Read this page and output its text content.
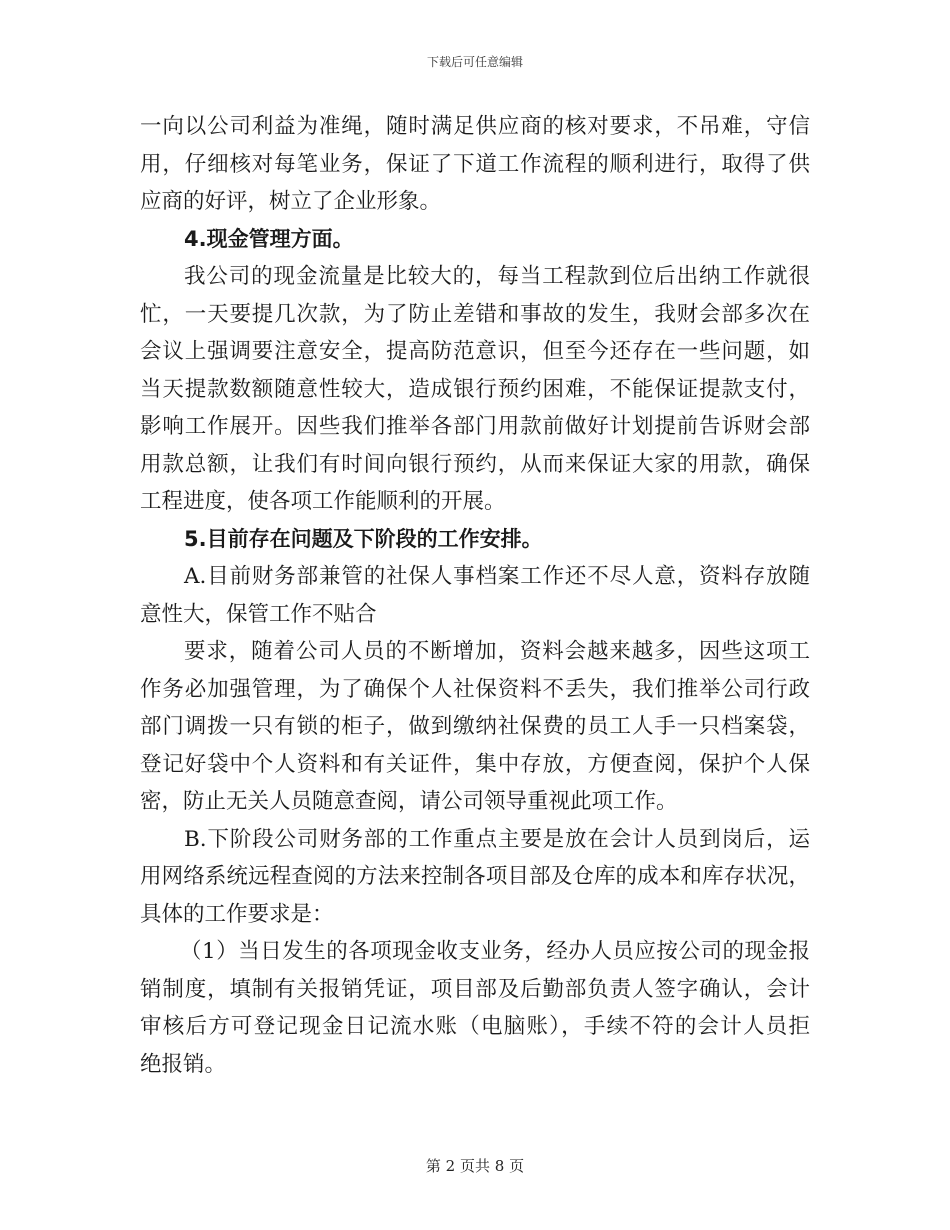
下载后可任意编辑
一向以公司利益为准绳，随时满足供应商的核对要求，不吊难，守信
用，仔细核对每笔业务，保证了下道工作流程的顺利进行，取得了供
应商的好评，树立了企业形象。
4.现金管理方面。
我公司的现金流量是比较大的，每当工程款到位后出纳工作就很
忙，一天要提几次款，为了防止差错和事故的发生，我财会部多次在
会议上强调要注意安全，提高防范意识，但至今还存在一些问题，如
当天提款数额随意性较大，造成银行预约困难，不能保证提款支付，
影响工作展开。因些我们推举各部门用款前做好计划提前告诉财会部
用款总额，让我们有时间向银行预约，从而来保证大家的用款，确保
工程进度，使各项工作能顺利的开展。
5.目前存在问题及下阶段的工作安排。
A.目前财务部兼管的社保人事档案工作还不尽人意，资料存放随
意性大，保管工作不贴合
要求，随着公司人员的不断增加，资料会越来越多，因些这项工
作务必加强管理，为了确保个人社保资料不丢失，我们推举公司行政
部门调拨一只有锁的柜子，做到缴纳社保费的员工人手一只档案袋，
登记好袋中个人资料和有关证件，集中存放，方便查阅，保护个人保
密，防止无关人员随意查阅，请公司领导重视此项工作。
B.下阶段公司财务部的工作重点主要是放在会计人员到岗后，运
用网络系统远程查阅的方法来控制各项目部及仓库的成本和库存状况，
具体的工作要求是：
（1）当日发生的各项现金收支业务，经办人员应按公司的现金报
销制度，填制有关报销凭证，项目部及后勤部负责人签字确认，会计
审核后方可登记现金日记流水账（电脑账），手续不符的会计人员拒
绝报销。
第 2 页共 8 页
